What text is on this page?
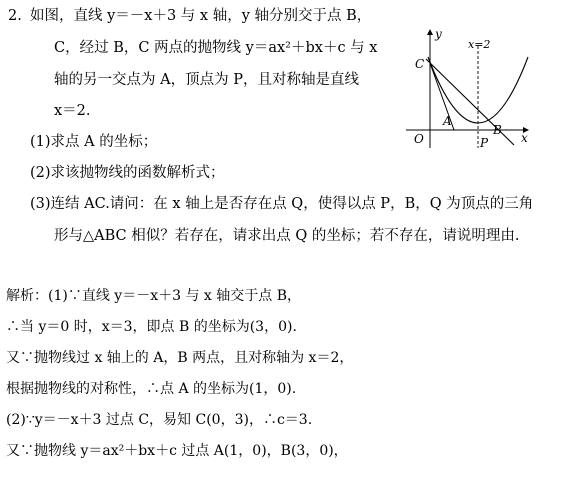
2. 如图，直线 y＝－x＋3 与 x 轴，y 轴分别交于点 B，
C，经过 B，C 两点的抛物线 y＝ax²＋bx＋c 与 x
轴的另一交点为 A，顶点为 P，且对称轴是直线
x＝2.
(1)求点 A 的坐标；
(2)求该抛物线的函数解析式；
(3)连结 AC.请问：在 x 轴上是否存在点 Q，使得以点 P，B，Q 为顶点的三角
形与△ABC 相似？若存在，请求出点 Q 的坐标；若不存在，请说明理由.
y
x
x=2
C
O
A
B
P
解析：(1)∵直线 y＝－x＋3 与 x 轴交于点 B，
∴当 y＝0 时，x＝3，即点 B 的坐标为(3，0).
又∵抛物线过 x 轴上的 A，B 两点，且对称轴为 x＝2，
根据抛物线的对称性，∴点 A 的坐标为(1，0).
(2)∵y＝－x＋3 过点 C，易知 C(0，3)，∴c＝3.
又∵抛物线 y＝ax²＋bx＋c 过点 A(1，0)，B(3，0)，
